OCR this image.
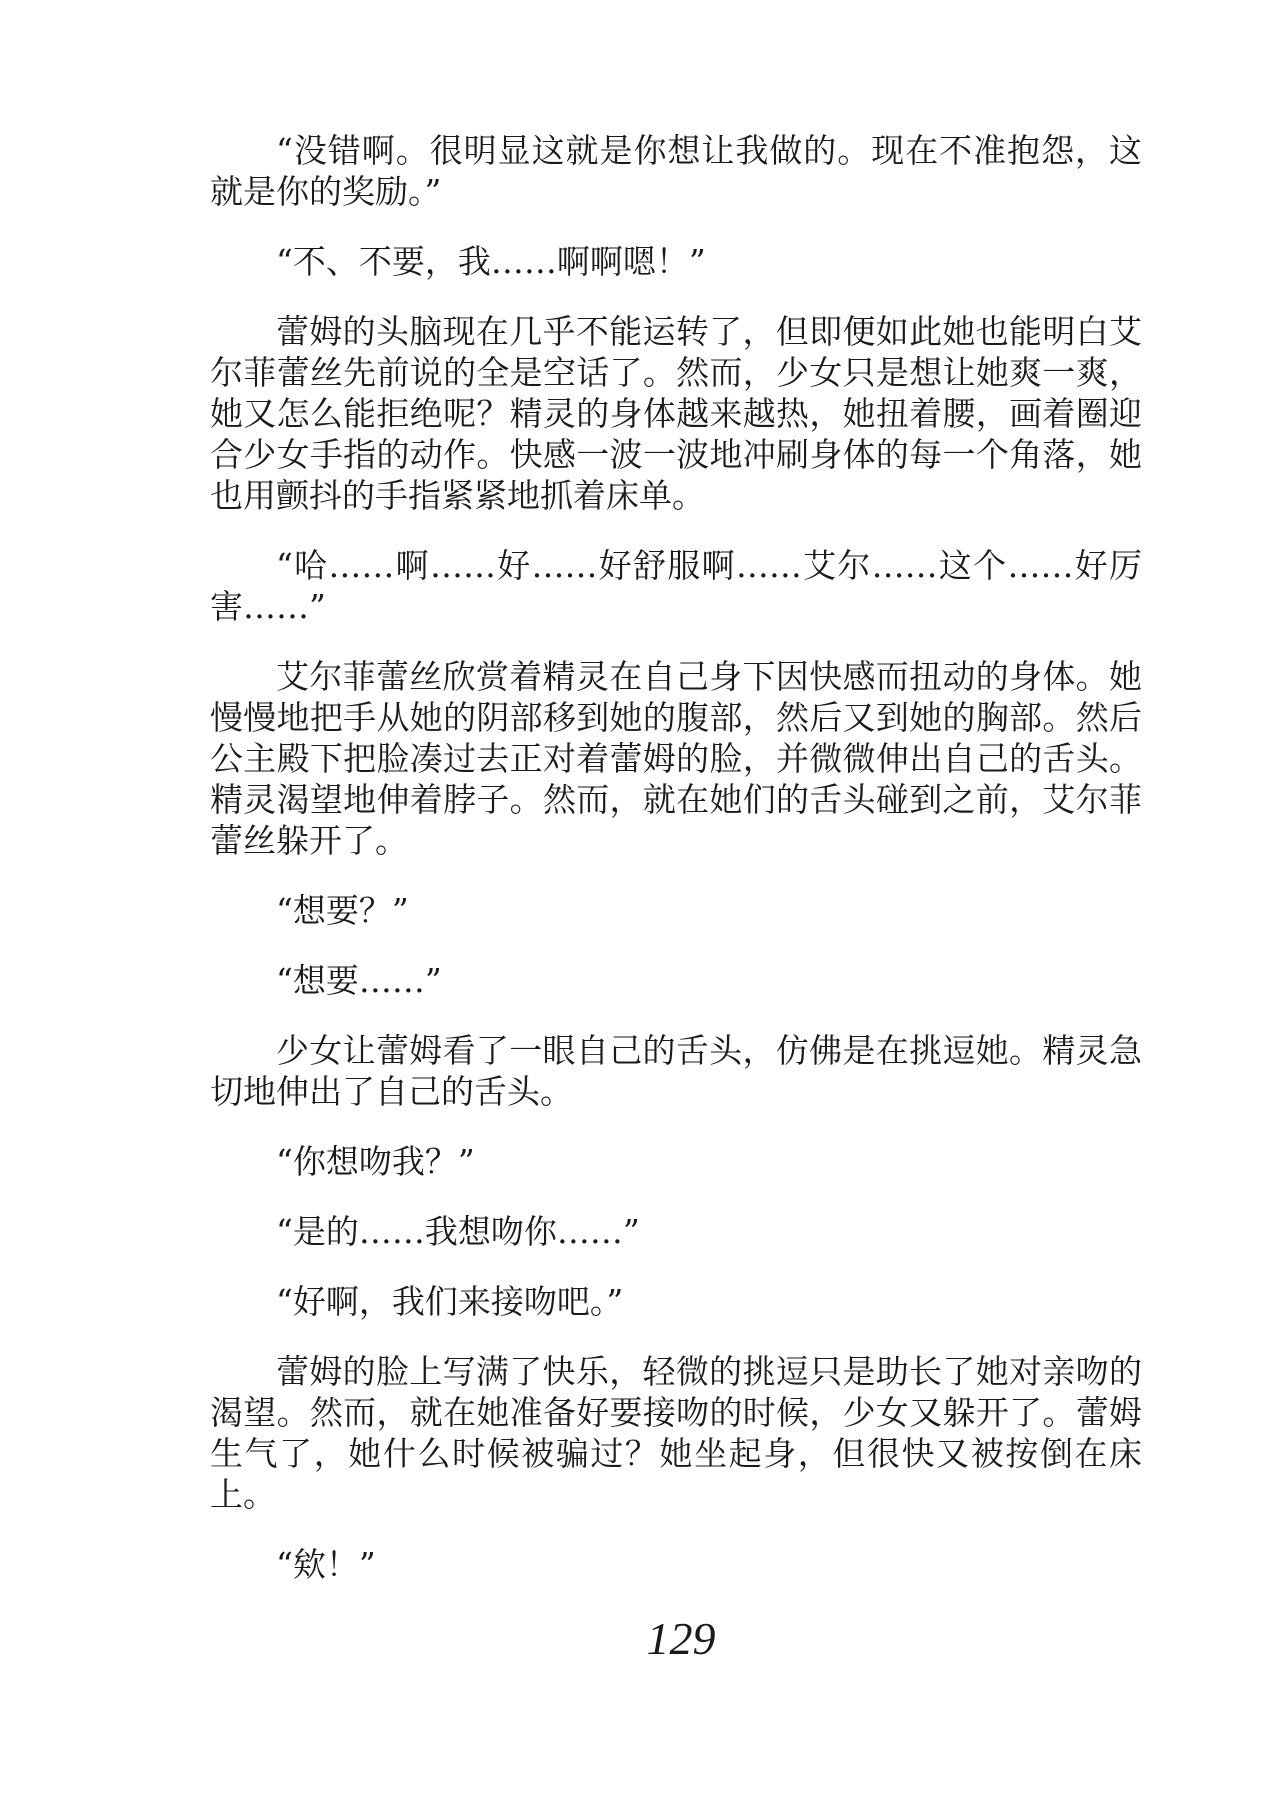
“没错啊。很明显这就是你想让我做的。现在不准抱怨，这就是你的奖励。”

“不、不要，我……啊啊嗯！”

蕾姆的头脑现在几乎不能运转了，但即便如此她也能明白艾尔菲蕾丝先前说的全是空话了。然而，少女只是想让她爽一爽，她又怎么能拒绝呢？精灵的身体越来越热，她扭着腰，画着圈迎合少女手指的动作。快感一波一波地冲刷身体的每一个角落，她也用颤抖的手指紧紧地抓着床单。

“哈……啊……好……好舒服啊……艾尔……这个……好厉害……”

艾尔菲蕾丝欣赏着精灵在自己身下因快感而扭动的身体。她慢慢地把手从她的阴部移到她的腹部，然后又到她的胸部。然后公主殿下把脸凑过去正对着蕾姆的脸，并微微伸出自己的舌头。精灵渴望地伸着脖子。然而，就在她们的舌头碰到之前，艾尔菲蕾丝躲开了。

“想要？”

“想要……”

少女让蕾姆看了一眼自己的舌头，仿佛是在挑逗她。精灵急切地伸出了自己的舌头。

“你想吻我？”

“是的……我想吻你……”

“好啊，我们来接吻吧。”

蕾姆的脸上写满了快乐，轻微的挑逗只是助长了她对亲吻的渴望。然而，就在她准备好要接吻的时候，少女又躲开了。蕾姆生气了，她什么时候被骗过？她坐起身，但很快又被按倒在床上。

“欸！”

129
